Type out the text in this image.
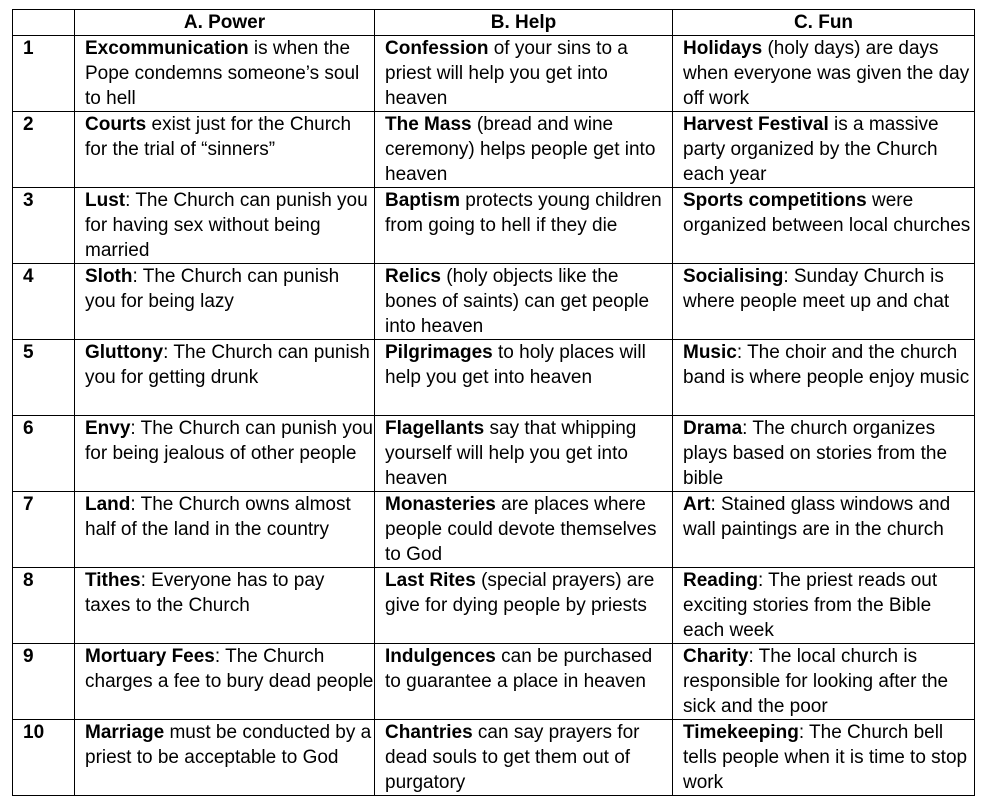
	A. Power	B. Help	C. Fun
1	Excommunication is when the Pope condemns someone’s soul to hell	Confession of your sins to a priest will help you get into heaven	Holidays (holy days) are days when everyone was given the day off work
2	Courts exist just for the Church for the trial of “sinners”	The Mass (bread and wine ceremony) helps people get into heaven	Harvest Festival is a massive party organized by the Church each year
3	Lust: The Church can punish you for having sex without being married	Baptism protects young children from going to hell if they die	Sports competitions were organized between local churches
4	Sloth: The Church can punish you for being lazy	Relics (holy objects like the bones of saints) can get people into heaven	Socialising: Sunday Church is where people meet up and chat
5	Gluttony: The Church can punish you for getting drunk	Pilgrimages to holy places will help you get into heaven	Music: The choir and the church band is where people enjoy music
6	Envy: The Church can punish you for being jealous of other people	Flagellants say that whipping yourself will help you get into heaven	Drama: The church organizes plays based on stories from the bible
7	Land: The Church owns almost half of the land in the country	Monasteries are places where people could devote themselves to God	Art: Stained glass windows and wall paintings are in the church
8	Tithes: Everyone has to pay taxes to the Church	Last Rites (special prayers) are give for dying people by priests	Reading: The priest reads out exciting stories from the Bible each week
9	Mortuary Fees: The Church charges a fee to bury dead people	Indulgences can be purchased to guarantee a place in heaven	Charity: The local church is responsible for looking after the sick and the poor
10	Marriage must be conducted by a priest to be acceptable to God	Chantries can say prayers for dead souls to get them out of purgatory	Timekeeping: The Church bell tells people when it is time to stop work
